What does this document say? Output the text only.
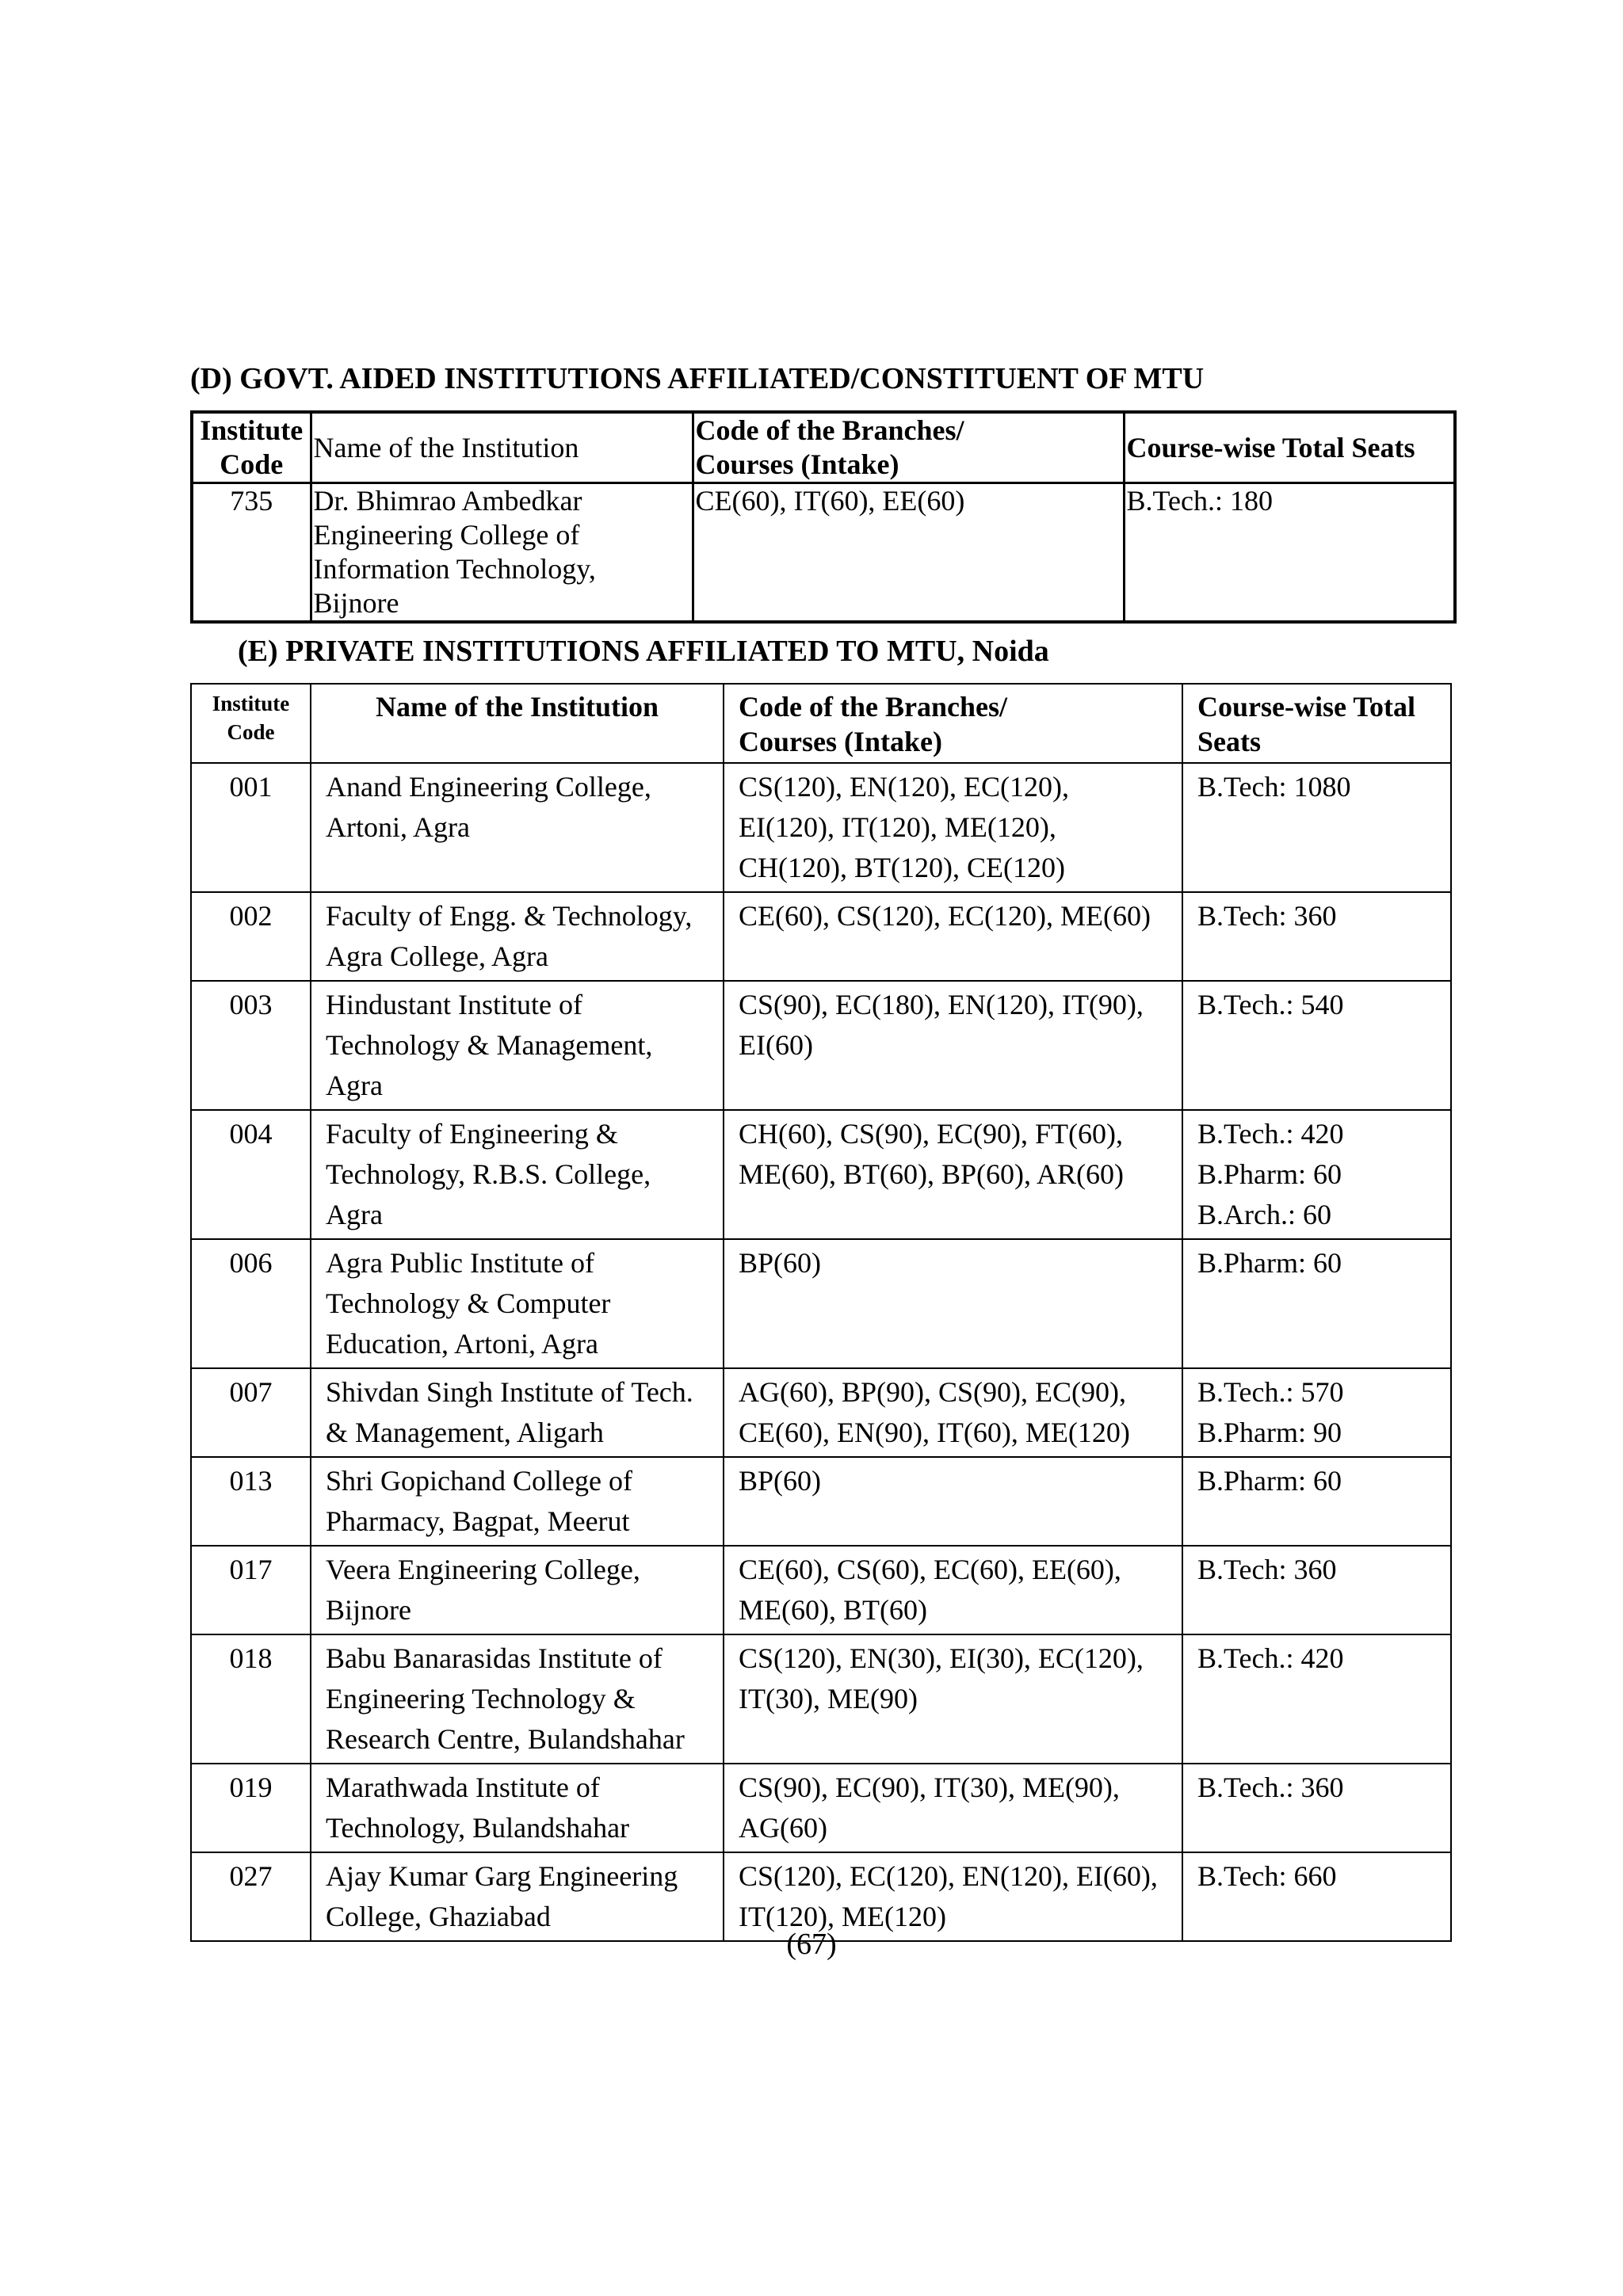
(D) GOVT. AIDED INSTITUTIONS AFFILIATED/CONSTITUENT OF MTU
Institute
Code	Name of the Institution	Code of the Branches/
Courses (Intake)	Course-wise Total Seats
735	Dr. Bhimrao Ambedkar
Engineering College of
Information Technology,
Bijnore	CE(60), IT(60), EE(60)	B.Tech.: 180
(E) PRIVATE INSTITUTIONS AFFILIATED TO MTU, Noida
Institute
Code	Name of the Institution	Code of the Branches/
Courses (Intake)	Course-wise Total
Seats

001	Anand Engineering College,
Artoni, Agra	CS(120), EN(120), EC(120),
EI(120), IT(120), ME(120),
CH(120), BT(120), CE(120)	B.Tech: 1080

002	Faculty of Engg. & Technology,
Agra College, Agra	CE(60), CS(120), EC(120), ME(60)	B.Tech: 360

003	Hindustant Institute of
Technology & Management,
Agra	CS(90), EC(180), EN(120), IT(90),
EI(60)	B.Tech.: 540

004	Faculty of Engineering &
Technology, R.B.S. College,
Agra	CH(60), CS(90), EC(90), FT(60),
ME(60), BT(60), BP(60), AR(60)	B.Tech.: 420
B.Pharm: 60
B.Arch.: 60

006	Agra Public Institute of
Technology & Computer
Education, Artoni, Agra	BP(60)	B.Pharm: 60

007	Shivdan Singh Institute of Tech.
& Management, Aligarh	AG(60), BP(90), CS(90), EC(90),
CE(60), EN(90), IT(60), ME(120)	B.Tech.: 570
B.Pharm: 90

013	Shri Gopichand College of
Pharmacy, Bagpat, Meerut	BP(60)	B.Pharm: 60

017	Veera Engineering College,
Bijnore	CE(60), CS(60), EC(60), EE(60),
ME(60), BT(60)	B.Tech: 360

018	Babu Banarasidas Institute of
Engineering Technology &
Research Centre, Bulandshahar	CS(120), EN(30), EI(30), EC(120),
IT(30), ME(90)	B.Tech.: 420

019	Marathwada Institute of
Technology, Bulandshahar	CS(90), EC(90), IT(30), ME(90),
AG(60)	B.Tech.: 360

027	Ajay Kumar Garg Engineering
College, Ghaziabad	CS(120), EC(120), EN(120), EI(60),
IT(120), ME(120)	B.Tech: 660
(67)
